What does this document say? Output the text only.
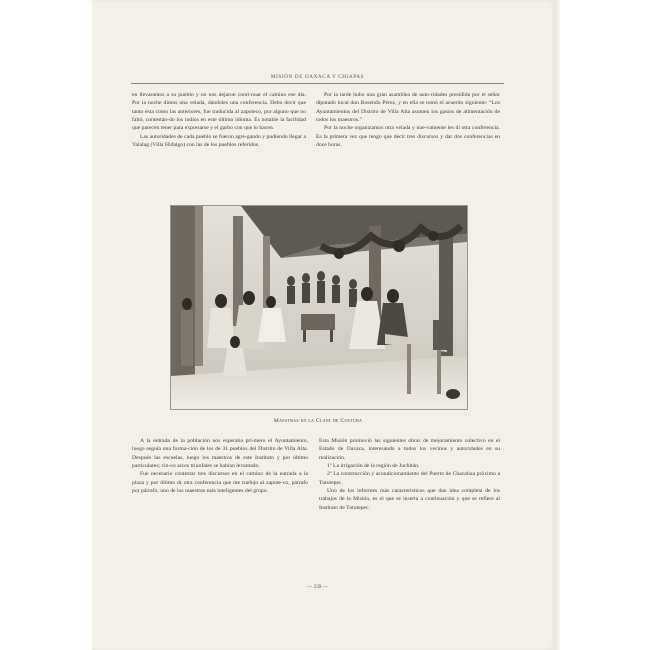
MISIÓN DE OAXACA Y CHIAPAS

en llevaramos a su pueblo y no nos dejaron conti-nuar el camino ese día. Por la noche dimos una velada, dándoles una conferencia. Debo decir que tanto ésta como las anteriores, fue traducida al zapoteco, por alguno que no faltó, contestán-do los indios en este último idioma. Es notable la facilidad que parecen tener para expresarse y el garbo con que lo hacen.

Las autoridades de cada pueblo se fueron agre-gando y pudiendo llegar a Yalalag (Villa Hidalgo) con las de los pueblos referidos.

Por la tarde hubo una gran asamblea de auto-ridades presidida por el señor diputado local don Rosendo Pérez, y en ella se tomó el acuerdo siguiente: “Los Ayuntamientos del Distrito de Villa Alta asumen los gastos de alimentación de todos los maestros.”

Por la noche organizamos otra velada y nue-vamente les di otra conferencia. Es la primera vez que tengo que decir tres discursos y dar dos conferencias en doce horas.

Maestras en la Clase de Costura

A la entrada de la población nos esperaba pri-mero el Ayuntamiento, luego seguía una forma-ción de los de 31 pueblos del Distrito de Villa Alta. Después las escuelas, luego los maestros de este Instituto y por último particulares; cin-co arcos triunfales se habían levantado.

Fue necesario contestar tres discursos en el camino de la entrada a la plaza y por último dr otra conferencia que me tradujo al zapote-co, párrafo por párrafo, uno de los maestros más inteligentes del grupo.

Esta Misión promovió las siguientes obras de mejoramiento colectivo en el Estado de Oaxaca, interesando a todos los vecinos y autoridades en su realización.

1º La irrigación de la región de Juchitán.

2º La construcción y acondicionamiento del Puerto de Chacahua próximo a Tututepec.

Uno de los informes más característicos que dan idea completa de los trabajos de la Misión, es el que se inserta a continuación y que se refiere al Instituto de Tututepec.

— 239 —
